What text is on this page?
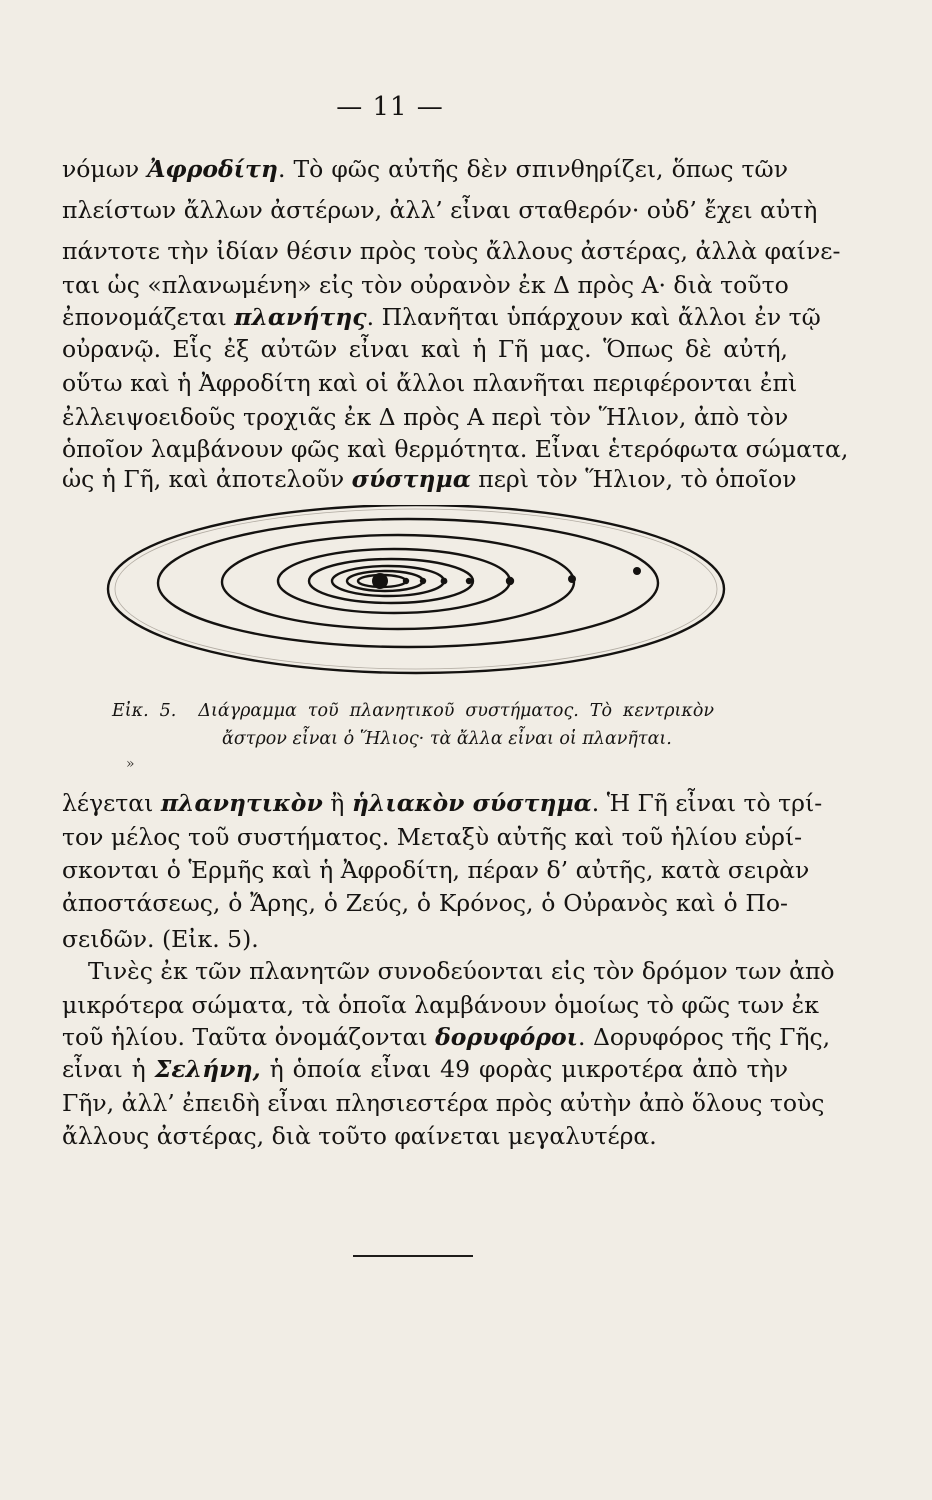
— 11 —
νόμων Ἀφροδίτη. Τὸ φῶς αὐτῆς δὲν σπινθηρίζει, ὅπως τῶν
πλείστων ἄλλων ἀστέρων, ἀλλ’ εἶναι σταθερόν· οὐδ’ ἔχει αὐτὴ
πάντοτε τὴν ἰδίαν θέσιν πρὸς τοὺς ἄλλους ἀστέρας, ἀλλὰ φαίνε-
ται ὡς «πλανωμένη» εἰς τὸν οὐρανὸν ἐκ Δ πρὸς Α· διὰ τοῦτο
ἐπονομάζεται πλανήτης. Πλανῆται ὑπάρχουν καὶ ἄλλοι ἐν τῷ
οὐρανῷ. Εἷς ἐξ αὐτῶν εἶναι καὶ ἡ Γῆ μας. Ὅπως δὲ αὐτή,
οὕτω καὶ ἡ Ἀφροδίτη καὶ οἱ ἄλλοι πλανῆται περιφέρονται ἐπὶ
ἐλλειψοειδοῦς τροχιᾶς ἐκ Δ πρὸς Α περὶ τὸν Ἥλιον, ἀπὸ τὸν
ὁποῖον λαμβάνουν φῶς καὶ θερμότητα. Εἶναι ἑτερόφωτα σώματα,
ὡς ἡ Γῆ, καὶ ἀποτελοῦν σύστημα περὶ τὸν Ἥλιον, τὸ ὁποῖον
Εἰκ. 5. Διάγραμμα τοῦ πλανητικοῦ συστήματος. Τὸ κεντρικὸν
ἄστρον εἶναι ὁ Ἥλιος· τὰ ἄλλα εἶναι οἱ πλανῆται.
»
λέγεται πλανητικὸν ἢ ἡλιακὸν σύστημα. Ἡ Γῆ εἶναι τὸ τρί-
τον μέλος τοῦ συστήματος. Μεταξὺ αὐτῆς καὶ τοῦ ἡλίου εὑρί-
σκονται ὁ Ἑρμῆς καὶ ἡ Ἀφροδίτη, πέραν δ’ αὐτῆς, κατὰ σειρὰν
ἀποστάσεως, ὁ Ἄρης, ὁ Ζεύς, ὁ Κρόνος, ὁ Οὐρανὸς καὶ ὁ Πο-
σειδῶν. (Εἰκ. 5).
Τινὲς ἐκ τῶν πλανητῶν συνοδεύονται εἰς τὸν δρόμον των ἀπὸ
μικρότερα σώματα, τὰ ὁποῖα λαμβάνουν ὁμοίως τὸ φῶς των ἐκ
τοῦ ἡλίου. Ταῦτα ὀνομάζονται δορυφόροι. Δορυφόρος τῆς Γῆς,
εἶναι ἡ Σελήνη, ἡ ὁποία εἶναι 49 φορὰς μικροτέρα ἀπὸ τὴν
Γῆν, ἀλλ’ ἐπειδὴ εἶναι πλησιεστέρα πρὸς αὐτὴν ἀπὸ ὅλους τοὺς
ἄλλους ἀστέρας, διὰ τοῦτο φαίνεται μεγαλυτέρα.
